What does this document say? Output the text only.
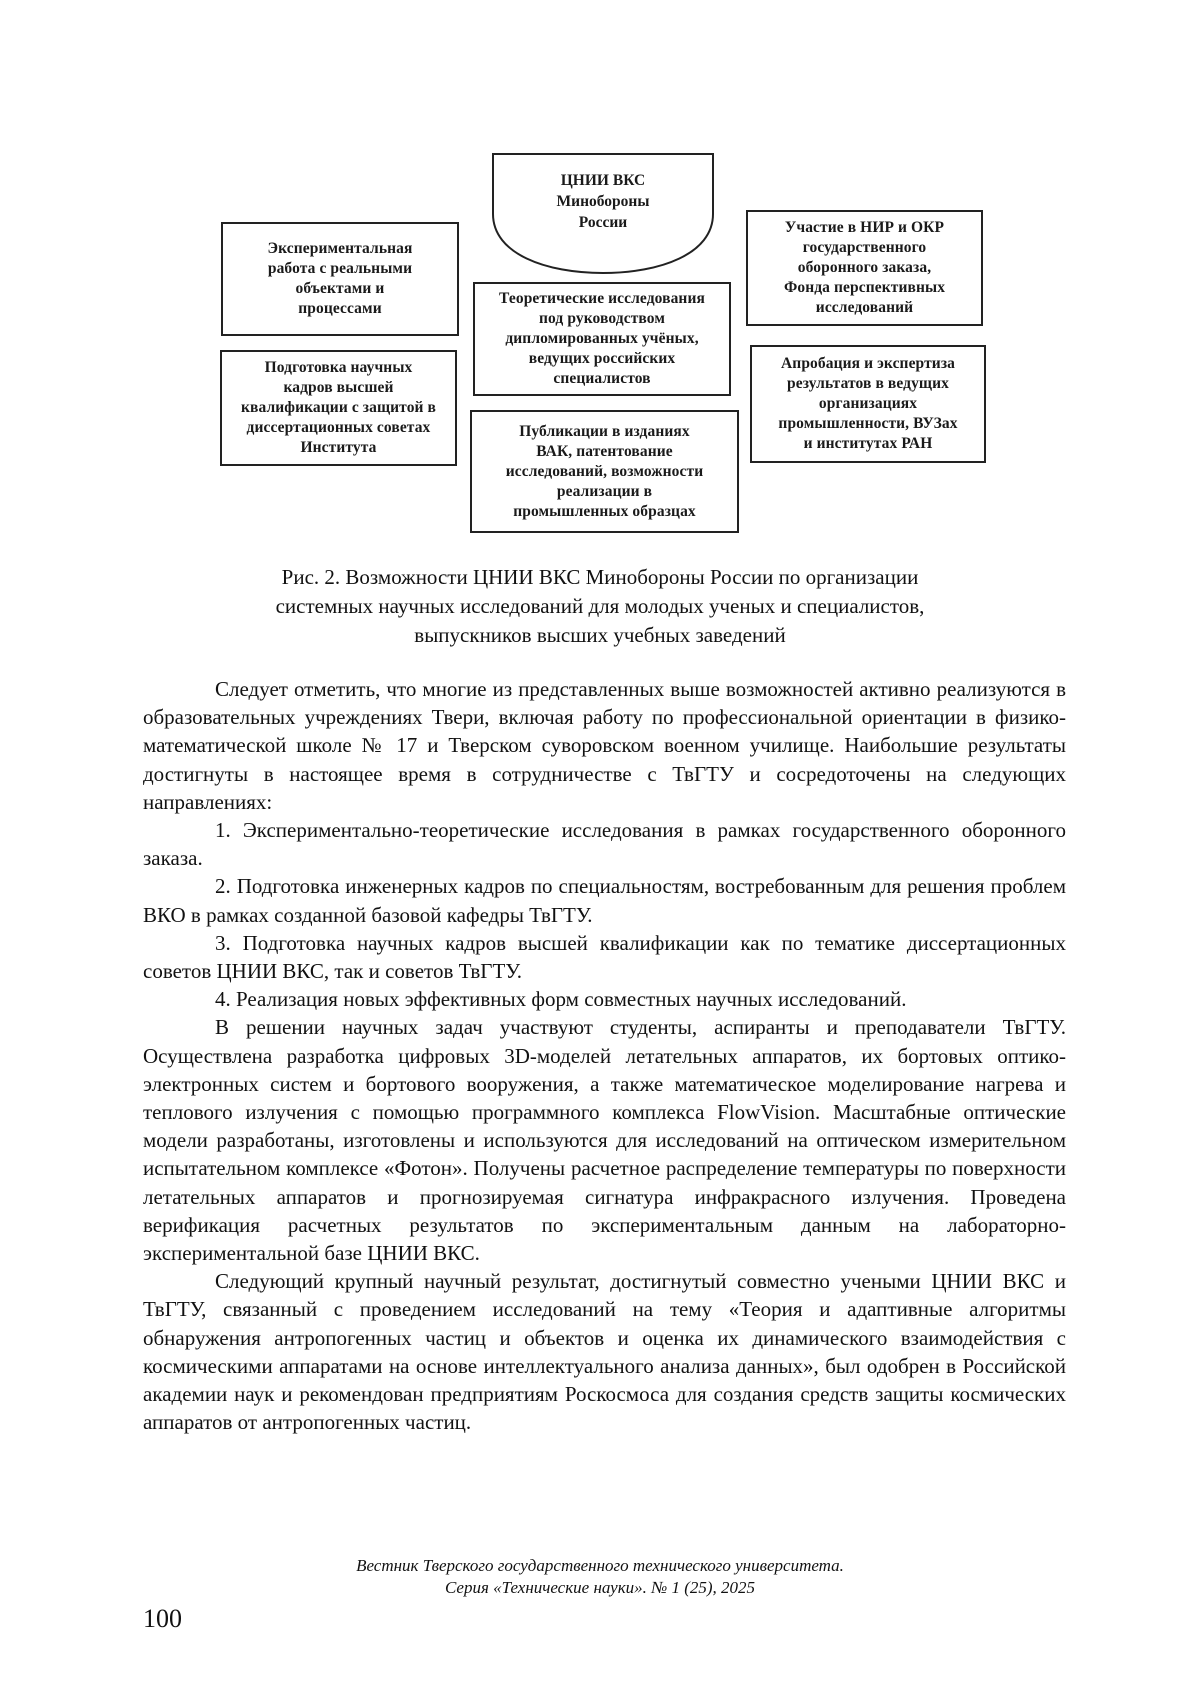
ЦНИИ ВКС
Минобороны
России
Экспериментальная
работа с реальными
объектами и
процессами
Подготовка научных
кадров высшей
квалификации с защитой в
диссертационных советах
Института
Теоретические исследования
под руководством
дипломированных учёных,
ведущих российских
специалистов
Публикации в изданиях
ВАК, патентование
исследований, возможности
реализации в
промышленных образцах
Участие в НИР и ОКР
государственного
оборонного заказа,
Фонда перспективных
исследований
Апробация и экспертиза
результатов в ведущих
организациях
промышленности, ВУЗах
и институтах РАН
Рис. 2. Возможности ЦНИИ ВКС Минобороны России по организации
системных научных исследований для молодых ученых и специалистов,
выпускников высших учебных заведений

Следует отметить, что многие из представленных выше возможностей активно реализуются в образовательных учреждениях Твери, включая работу по профессиональной ориентации в физико-математической школе № 17 и Тверском суворовском военном училище. Наибольшие результаты достигнуты в настоящее время в сотрудничестве с ТвГТУ и сосредоточены на следующих направлениях:

1. Экспериментально-теоретические исследования в рамках государственного оборонного заказа.

2. Подготовка инженерных кадров по специальностям, востребованным для решения проблем ВКО в рамках созданной базовой кафедры ТвГТУ.

3. Подготовка научных кадров высшей квалификации как по тематике диссертационных советов ЦНИИ ВКС, так и советов ТвГТУ.

4. Реализация новых эффективных форм совместных научных исследований.

В решении научных задач участвуют студенты, аспиранты и преподаватели ТвГТУ. Осуществлена разработка цифровых 3D-моделей летательных аппаратов, их бортовых оптико-электронных систем и бортового вооружения, а также математическое моделирование нагрева и теплового излучения с помощью программного комплекса FlowVision. Масштабные оптические модели разработаны, изготовлены и используются для исследований на оптическом измерительном испытательном комплексе «Фотон». Получены расчетное распределение температуры по поверхности летательных аппаратов и прогнозируемая сигнатура инфракрасного излучения. Проведена верификация расчетных результатов по экспериментальным данным на лабораторно-экспериментальной базе ЦНИИ ВКС.

Следующий крупный научный результат, достигнутый совместно учеными ЦНИИ ВКС и ТвГТУ, связанный с проведением исследований на тему «Теория и адаптивные алгоритмы обнаружения антропогенных частиц и объектов и оценка их динамического взаимодействия с космическими аппаратами на основе интеллектуального анализа данных», был одобрен в Российской академии наук и рекомендован предприятиям Роскосмоса для создания средств защиты космических аппаратов от антропогенных частиц.

Вестник Тверского государственного технического университета.
Серия «Технические науки». № 1 (25), 2025
100
